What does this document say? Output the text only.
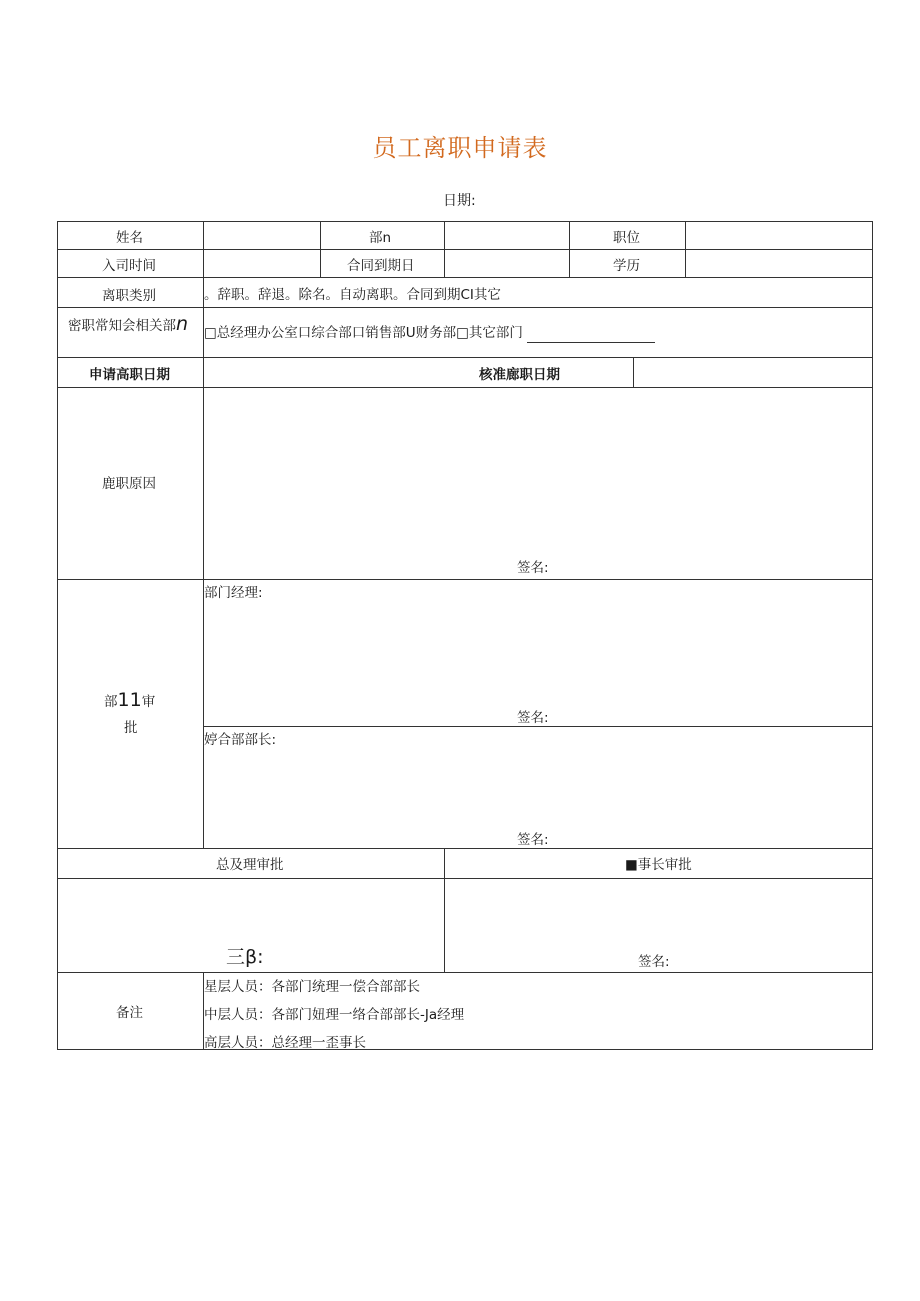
员工离职申请表
日期:
姓名	部n	职位
入司时间	合同到期日	学历
离职类别	。辞职。辞退。除名。自动离职。合同到期CI其它
密职常知会相关部n □总经理办公室口综合部口销售部U财务部□其它部门
申请高职日期	核准廊职日期
鹿职原因
签名:
部11审
批
部门经理:
签名:
婷合部部长:
签名:
总及理审批	■事长审批
三β:	签名:
备注
星层人员：各部门统理一偿合部部长
中层人员：各部门妞理一络合部部长-Ja经理
高层人员：总经理一歪事长
